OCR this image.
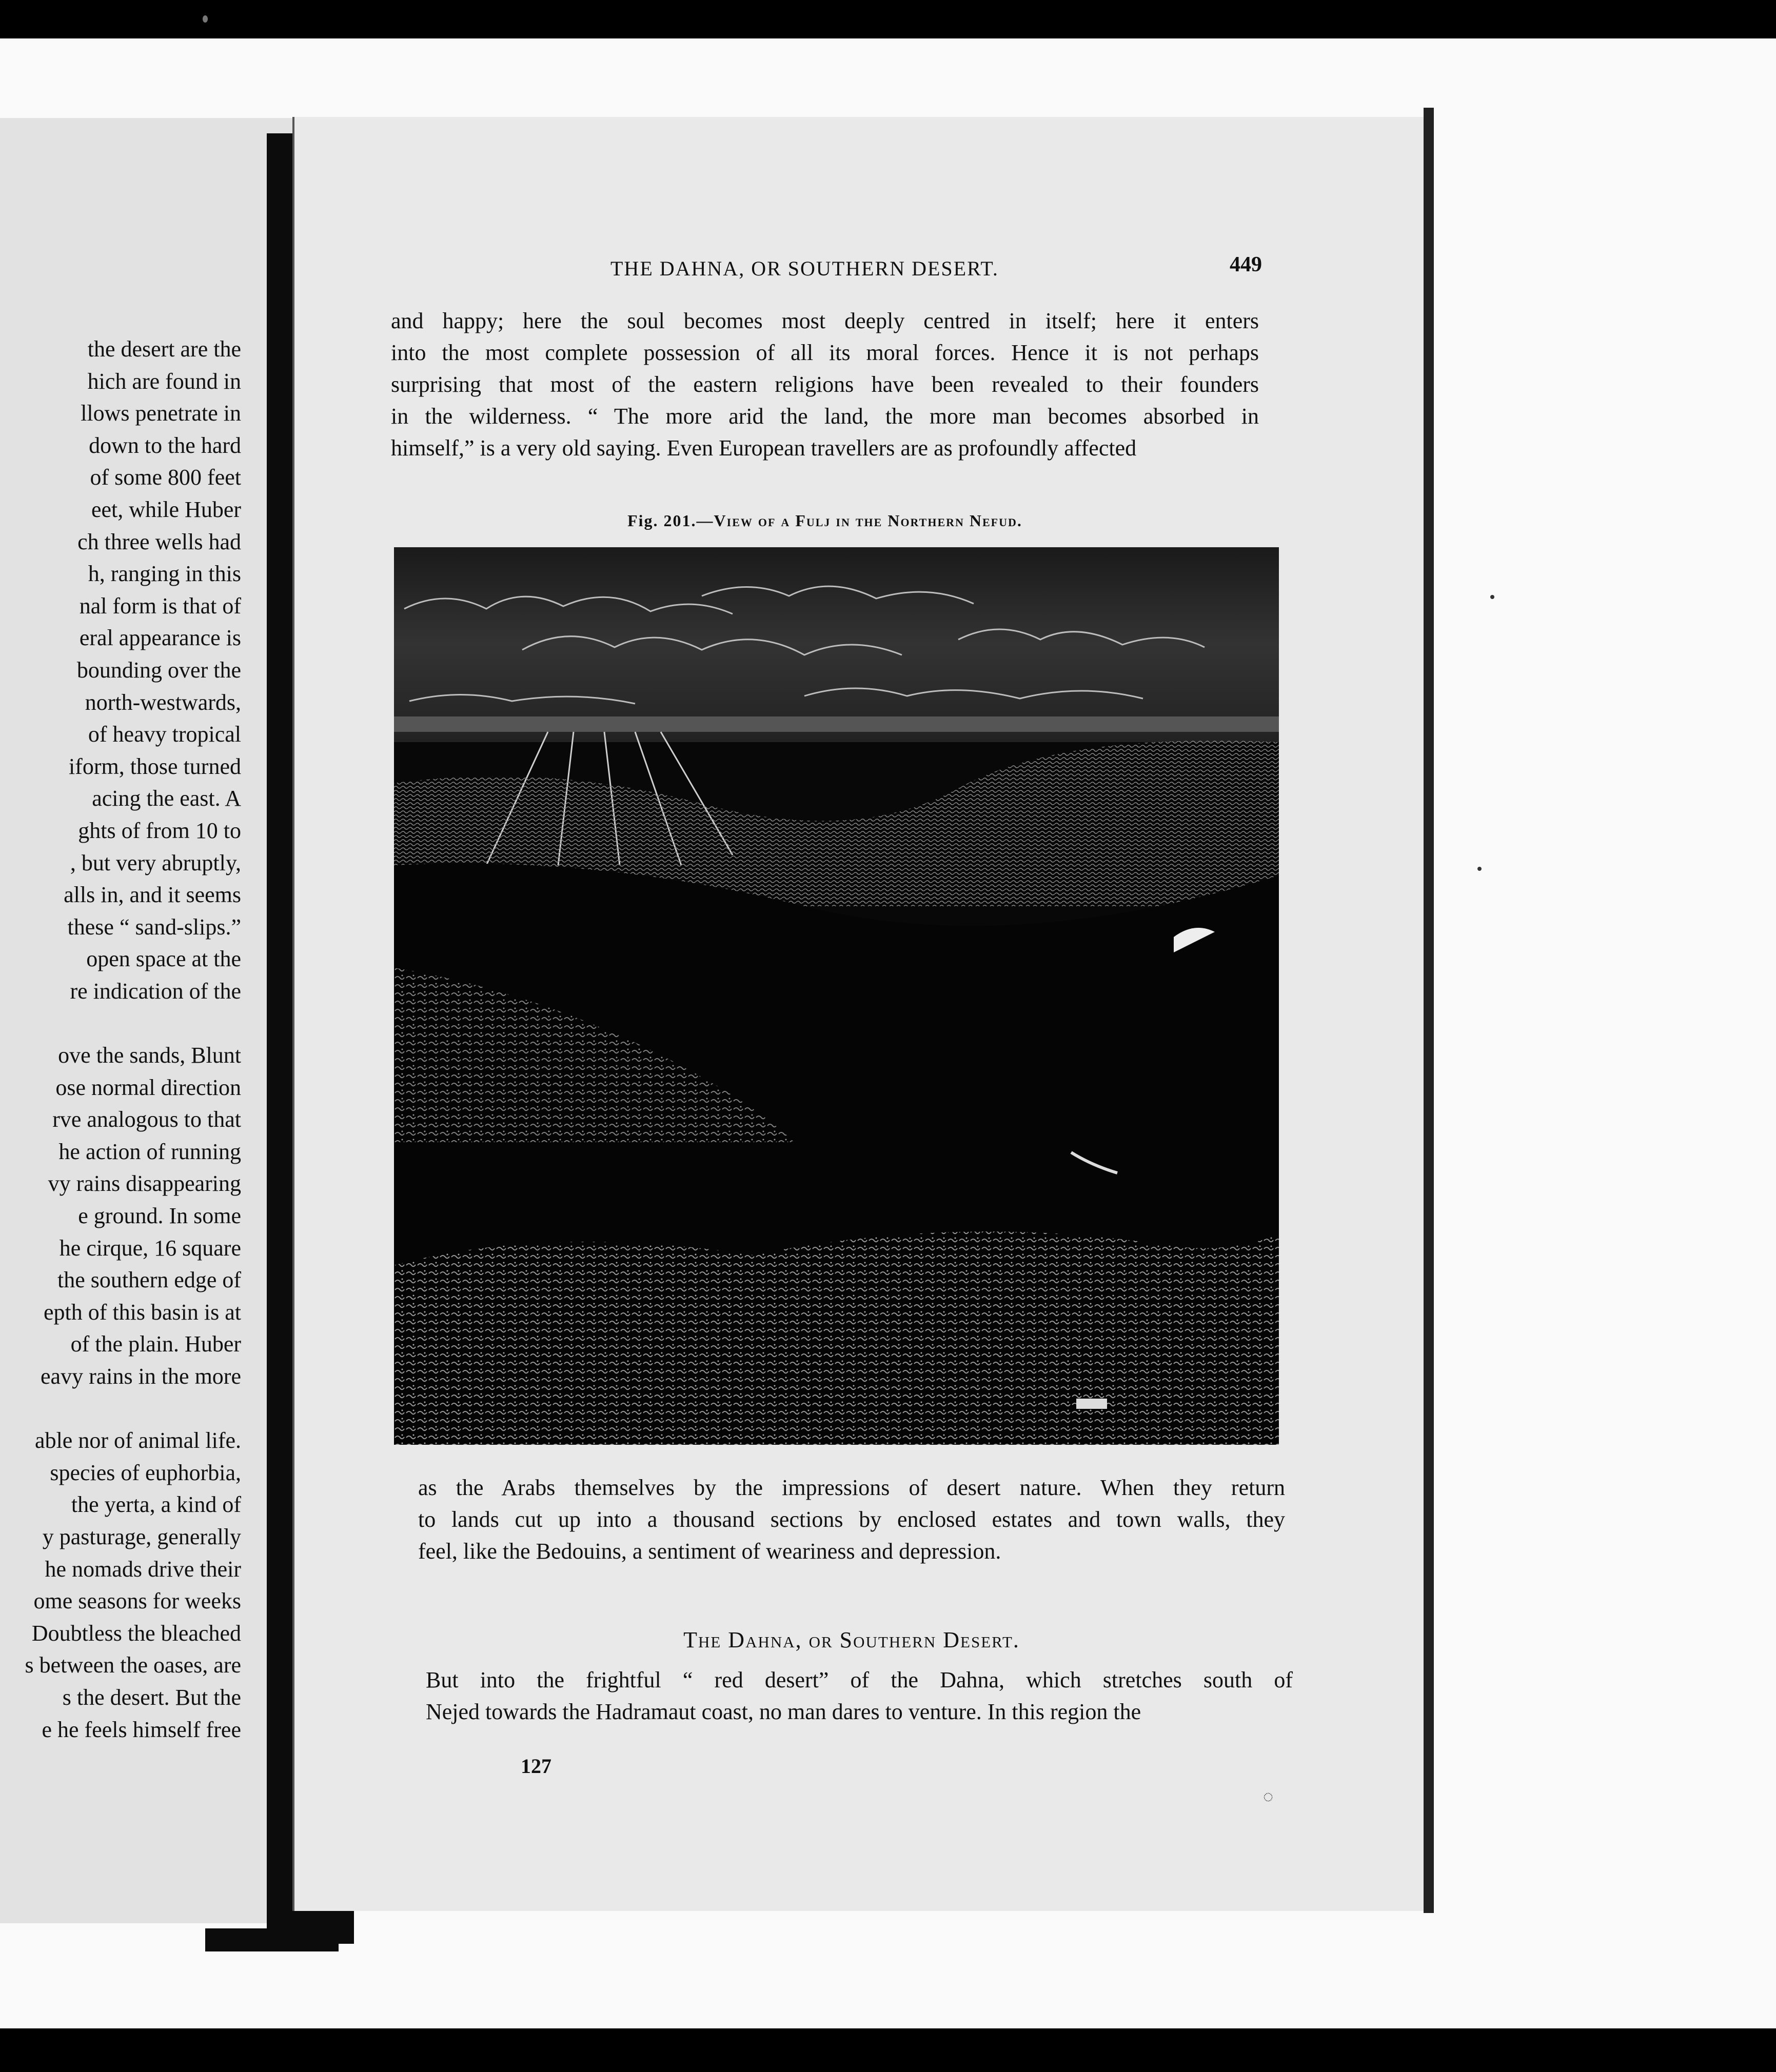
the desert are the
hich are found in
llows penetrate in
down to the hard
of some 800 feet
eet, while Huber
ch three wells had
h, ranging in this
nal form is that of
eral appearance is
bounding over the
north-westwards,
of heavy tropical
iform, those turned
acing the east. A
ghts of from 10 to
, but very abruptly,
alls in, and it seems
these “ sand-slips.”
open space at the
re indication of the
ove the sands, Blunt
ose normal direction
rve analogous to that
he action of running
vy rains disappearing
e ground. In some
he cirque, 16 square
the southern edge of
epth of this basin is at
of the plain. Huber
eavy rains in the more
able nor of animal life.
species of euphorbia,
the yerta, a kind of
y pasturage, generally
he nomads drive their
ome seasons for weeks
Doubtless the bleached
s between the oases, are
s the desert. But the
e he feels himself free
THE DAHNA, OR SOUTHERN DESERT.	449
and happy; here the soul becomes most deeply centred in itself; here it enters
into the most complete possession of all its moral forces. Hence it is not perhaps
surprising that most of the eastern religions have been revealed to their founders
in the wilderness. “ The more arid the land, the more man becomes absorbed in
himself,” is a very old saying. Even European travellers are as profoundly affected
Fig. 201.—View of a Fulj in the Northern Nefud.
as the Arabs themselves by the impressions of desert nature. When they return
to lands cut up into a thousand sections by enclosed estates and town walls, they
feel, like the Bedouins, a sentiment of weariness and depression.
The Dahna, or Southern Desert.
But into the frightful “ red desert” of the Dahna, which stretches south of
Nejed towards the Hadramaut coast, no man dares to venture. In this region the
127
◌
